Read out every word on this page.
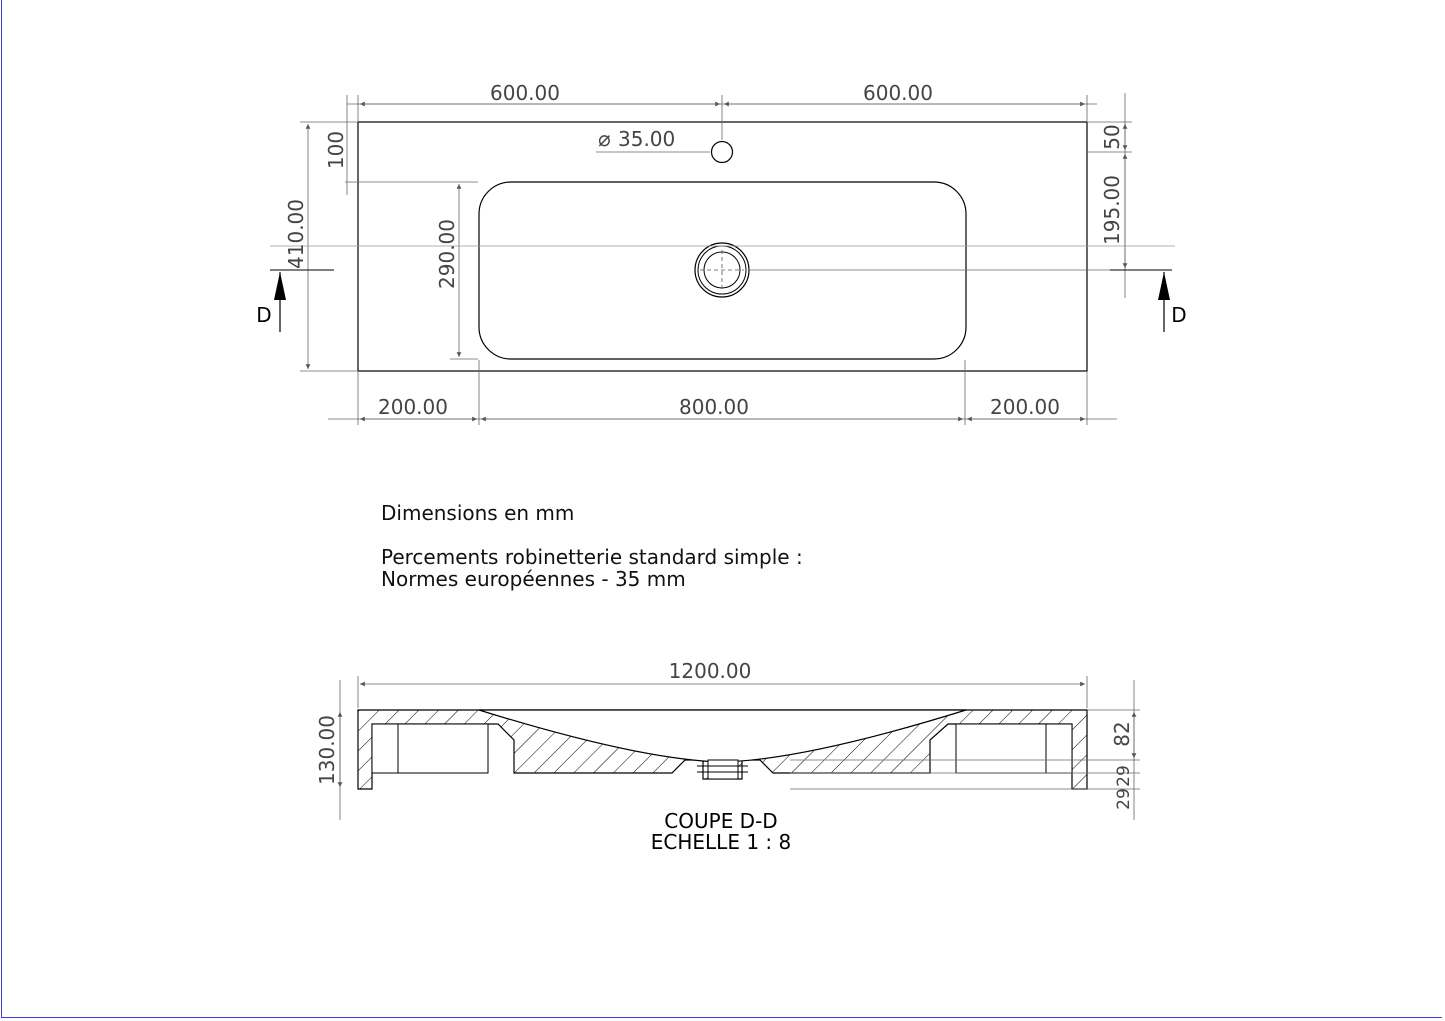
600.00	600.00
⌀ 35.00
200.00	800.00	200.00
100
410.00	290.00
50
195.00
D	D
1200.00
130.00	82
29
29
COUPE D-D
ECHELLE 1 : 8
Dimensions en mm
Percements robinetterie standard simple :
Normes européennes - 35 mm
